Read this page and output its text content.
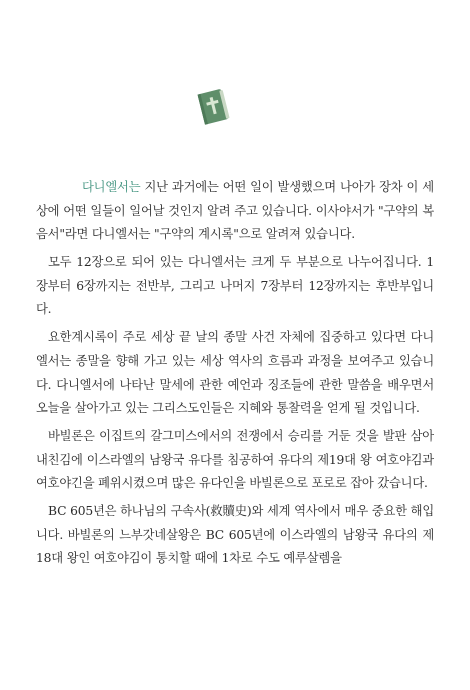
다니엘서는 지난 과거에는 어떤 일이 발생했으며 나아가 장차 이 세상에 어떤 일들이 일어날 것인지 알려 주고 있습니다. 이사야서가 "구약의 복음서"라면 다니엘서는 "구약의 계시록"으로 알려져 있습니다.

모두 12장으로 되어 있는 다니엘서는 크게 두 부분으로 나누어집니다. 1장부터 6장까지는 전반부, 그리고 나머지 7장부터 12장까지는 후반부입니다.

요한계시록이 주로 세상 끝 날의 종말 사건 자체에 집중하고 있다면 다니엘서는 종말을 향해 가고 있는 세상 역사의 흐름과 과정을 보여주고 있습니다. 다니엘서에 나타난 말세에 관한 예언과 징조들에 관한 말씀을 배우면서 오늘을 살아가고 있는 그리스도인들은 지혜와 통찰력을 얻게 될 것입니다.

바빌론은 이집트의 갈그미스에서의 전쟁에서 승리를 거둔 것을 발판 삼아 내친김에 이스라엘의 남왕국 유다를 침공하여 유다의 제19대 왕 여호야김과 여호야긴을 폐위시켰으며 많은 유다인을 바빌론으로 포로로 잡아 갔습니다.

BC 605년은 하나님의 구속사(救贖史)와 세계 역사에서 매우 중요한 해입니다. 바빌론의 느부갓네살왕은 BC 605년에 이스라엘의 남왕국 유다의 제18대 왕인 여호야김이 통치할 때에 1차로 수도 예루살렘을
